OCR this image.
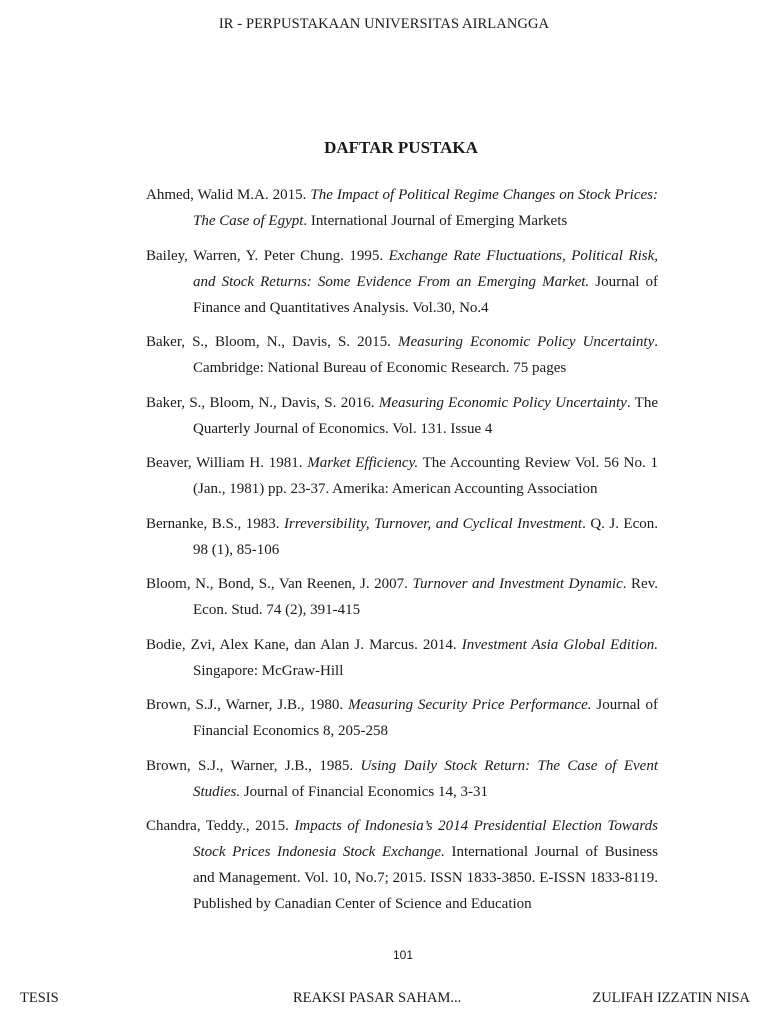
IR - PERPUSTAKAAN UNIVERSITAS AIRLANGGA
DAFTAR PUSTAKA

Ahmed, Walid M.A. 2015. The Impact of Political Regime Changes on Stock Prices: The Case of Egypt. International Journal of Emerging Markets

Bailey, Warren, Y. Peter Chung. 1995. Exchange Rate Fluctuations, Political Risk, and Stock Returns: Some Evidence From an Emerging Market. Journal of Finance and Quantitatives Analysis. Vol.30, No.4

Baker, S., Bloom, N., Davis, S. 2015. Measuring Economic Policy Uncertainty. Cambridge: National Bureau of Economic Research. 75 pages

Baker, S., Bloom, N., Davis, S. 2016. Measuring Economic Policy Uncertainty. The Quarterly Journal of Economics. Vol. 131. Issue 4

Beaver, William H. 1981. Market Efficiency. The Accounting Review Vol. 56 No. 1 (Jan., 1981) pp. 23-37. Amerika: American Accounting Association

Bernanke, B.S., 1983. Irreversibility, Turnover, and Cyclical Investment. Q. J. Econ. 98 (1), 85-106

Bloom, N., Bond, S., Van Reenen, J. 2007. Turnover and Investment Dynamic. Rev. Econ. Stud. 74 (2), 391-415

Bodie, Zvi, Alex Kane, dan Alan J. Marcus. 2014. Investment Asia Global Edition. Singapore: McGraw-Hill

Brown, S.J., Warner, J.B., 1980. Measuring Security Price Performance. Journal of Financial Economics 8, 205-258

Brown, S.J., Warner, J.B., 1985. Using Daily Stock Return: The Case of Event Studies. Journal of Financial Economics 14, 3-31

Chandra, Teddy., 2015. Impacts of Indonesia’s 2014 Presidential Election Towards Stock Prices Indonesia Stock Exchange. International Journal of Business and Management. Vol. 10, No.7; 2015. ISSN 1833-3850. E-ISSN 1833-8119. Published by Canadian Center of Science and Education

101
TESIS	REAKSI PASAR SAHAM...	ZULIFAH IZZATIN NISA
